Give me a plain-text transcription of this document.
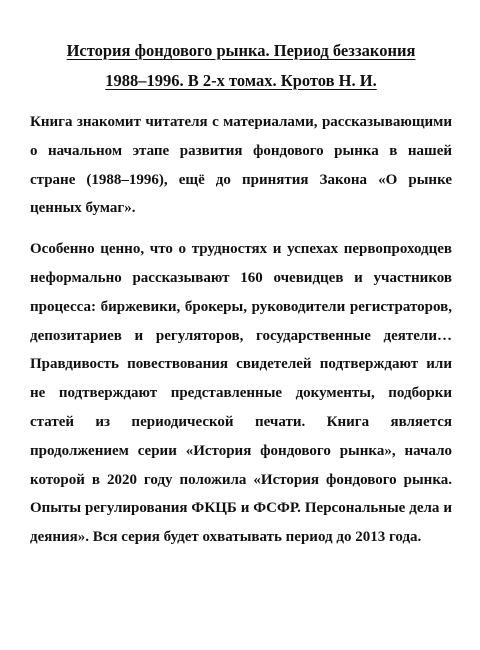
История фондового рынка. Период беззакония
1988–1996. В 2-х томах. Кротов Н. И.

Книга знакомит читателя с материалами, рассказывающими о начальном этапе развития фондового рынка в нашей стране (1988–1996), ещё до принятия Закона «О рынке ценных бумаг».

Особенно ценно, что о трудностях и успехах первопроходцев неформально рассказывают 160 очевидцев и участников процесса: биржевики, брокеры, руководители регистраторов, депозитариев и регуляторов, государственные деятели… Правдивость повествования свидетелей подтверждают или не подтверждают представленные документы, подборки статей из периодической печати. Книга является продолжением серии «История фондового рынка», начало которой в 2020 году положила «История фондового рынка. Опыты регулирования ФКЦБ и ФСФР. Персональные дела и деяния». Вся серия будет охватывать период до 2013 года.
